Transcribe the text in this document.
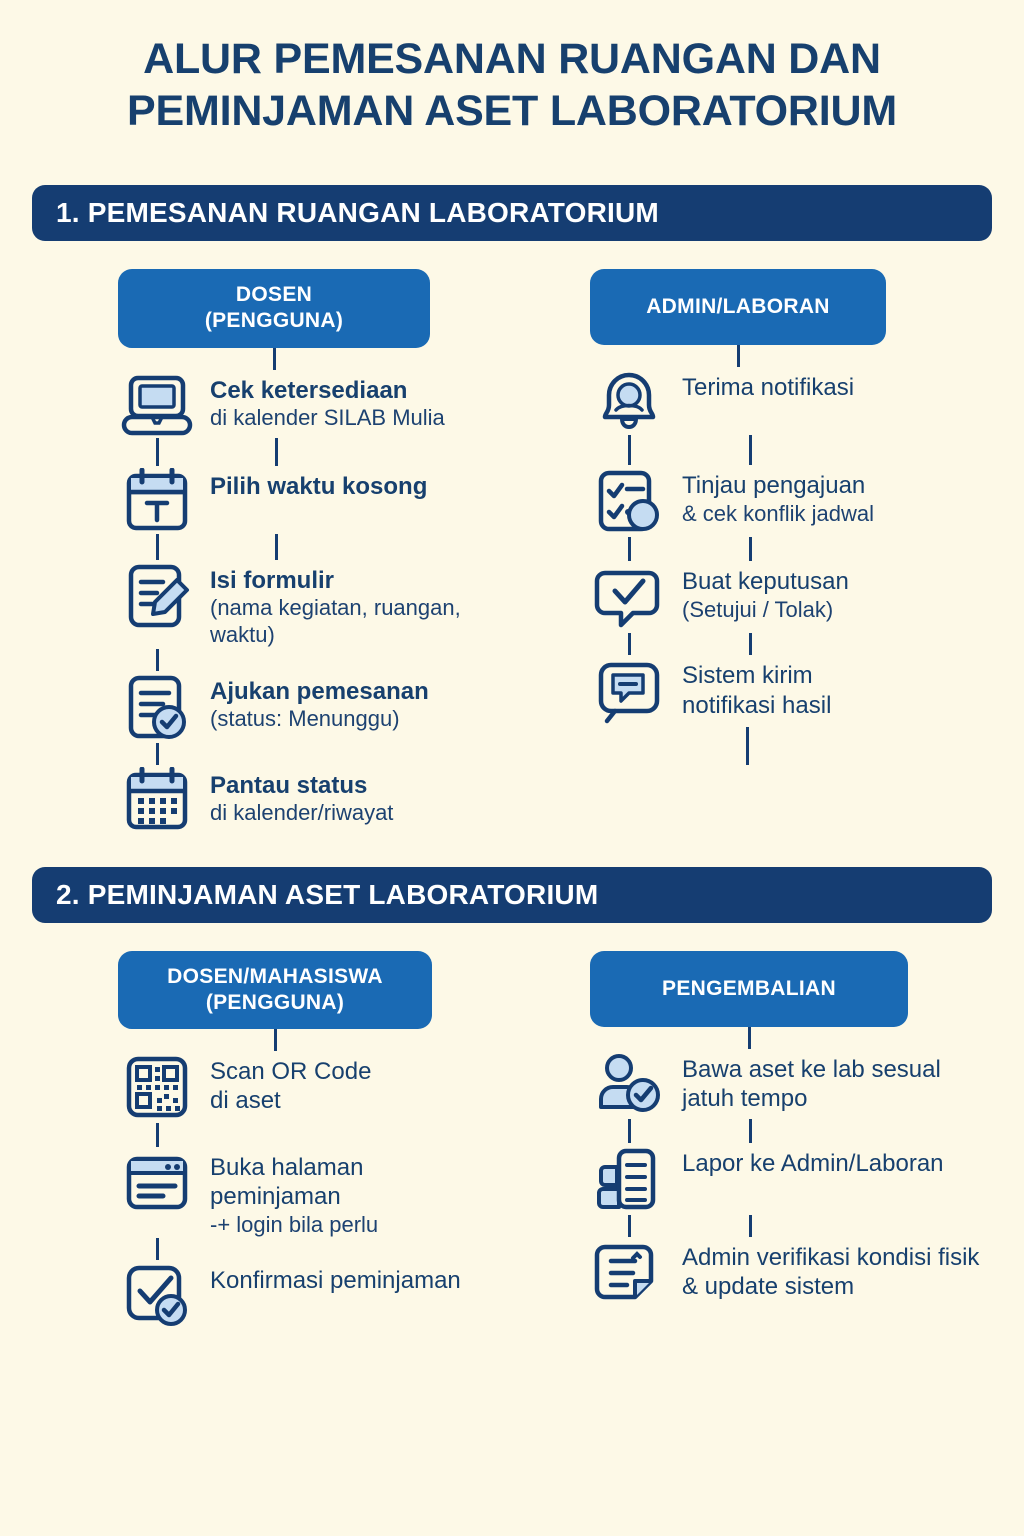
ALUR PEMESANAN RUANGAN DAN
PEMINJAMAN ASET LABORATORIUM
1. PEMESANAN RUANGAN LABORATORIUM
DOSEN
(PENGGUNA)
Cek ketersediaan
di kalender SILAB Mulia
Pilih waktu kosong
Isi formulir
(nama kegiatan, ruangan, waktu)
Ajukan pemesanan
(status: Menunggu)
Pantau status
di kalender/riwayat
ADMIN/LABORAN
Terima notifikasi
Tinjau pengajuan
& cek konflik jadwal
Buat keputusan
(Setujui / Tolak)
Sistem kirim
notifikasi hasil
2. PEMINJAMAN ASET LABORATORIUM
DOSEN/MAHASISWA
(PENGGUNA)
Scan OR Code
di aset
Buka halaman peminjaman
-+ login bila perlu
Konfirmasi peminjaman
PENGEMBALIAN
Bawa aset ke lab sesual jatuh tempo
Lapor ke Admin/Laboran
Admin verifikasi kondisi fisik & update sistem
